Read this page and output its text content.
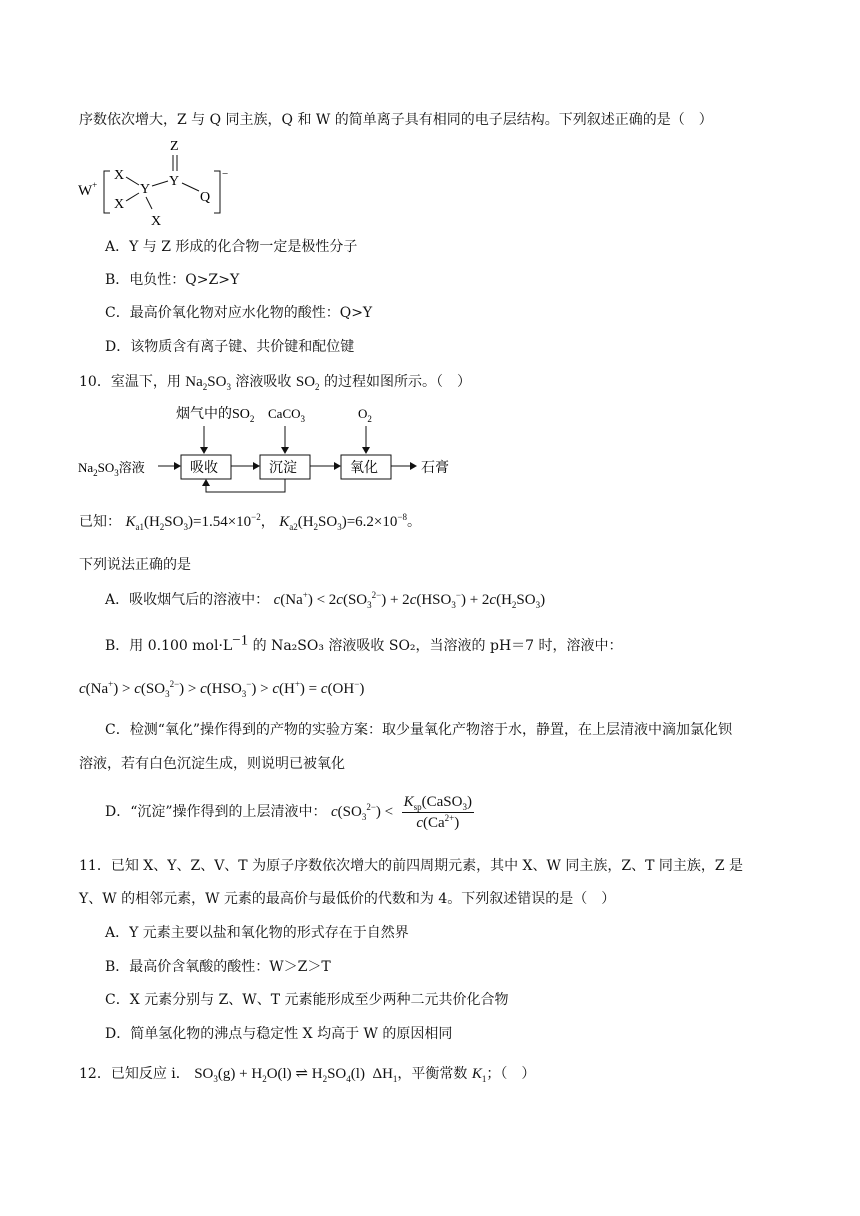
序数依次增大，Z 与 Q 同主族，Q 和 W 的简单离子具有相同的电子层结构。下列叙述正确的是（　）
W+
−
X
X
Y
Y
Z
Q
X
A．Y 与 Z 形成的化合物一定是极性分子
B．电负性：Q>Z>Y
C．最高价氧化物对应水化物的酸性：Q>Y
D．该物质含有离子键、共价键和配位键
10．室温下，用 $Na_2SO_3$ 溶液吸收 $SO_2$ 的过程如图所示。（　）
烟气中的$SO_2$ CaCO$_3$	$O_2$
$Na_2SO_3$溶液	吸收	沉淀	氧化	石膏
已知： $K_{a1}(H_2SO_3)=1.54\times 10^{-2}$， $K_{a2}(H_2SO_3)=6.2\times 10^{-8}$。
下列说法正确的是
A．吸收烟气后的溶液中： $c(Na^+) < 2c(SO_3^{2-}) + 2c(HSO_3^-) + 2c(H_2SO_3)$
B．用 0.100 $mol\cdot L^{-1}$ 的 Na₂SO₃ 溶液吸收 SO₂，当溶液的 pH＝7 时，溶液中：
$c(Na^+) > c(SO_3^{2-}) > c(HSO_3^-) > c(H^+) = c(OH^-)$
C．检测“氧化”操作得到的产物的实验方案：取少量氧化产物溶于水，静置，在上层清液中滴加氯化钡
溶液，若有白色沉淀生成，则说明已被氧化
D．“沉淀”操作得到的上层清液中： $c(SO_3^{2-}) < \frac{K_{sp}(CaSO_3)}{c(Ca^{2+})}$
11．已知 X、Y、Z、V、T 为原子序数依次增大的前四周期元素，其中 X、W 同主族，Z、T 同主族，Z 是
Y、W 的相邻元素，W 元素的最高价与最低价的代数和为 4。下列叙述错误的是（　）
A．Y 元素主要以盐和氧化物的形式存在于自然界
B．最高价含氧酸的酸性：W＞Z＞T
C．X 元素分别与 Z、W、T 元素能形成至少两种二元共价化合物
D．简单氢化物的沸点与稳定性 X 均高于 W 的原因相同
12．已知反应 i． $SO_3(g) + H_2O(l)$ ⇌ $H_2SO_4(l)$  $\Delta H_1$，平衡常数 $K_1$；（　）
